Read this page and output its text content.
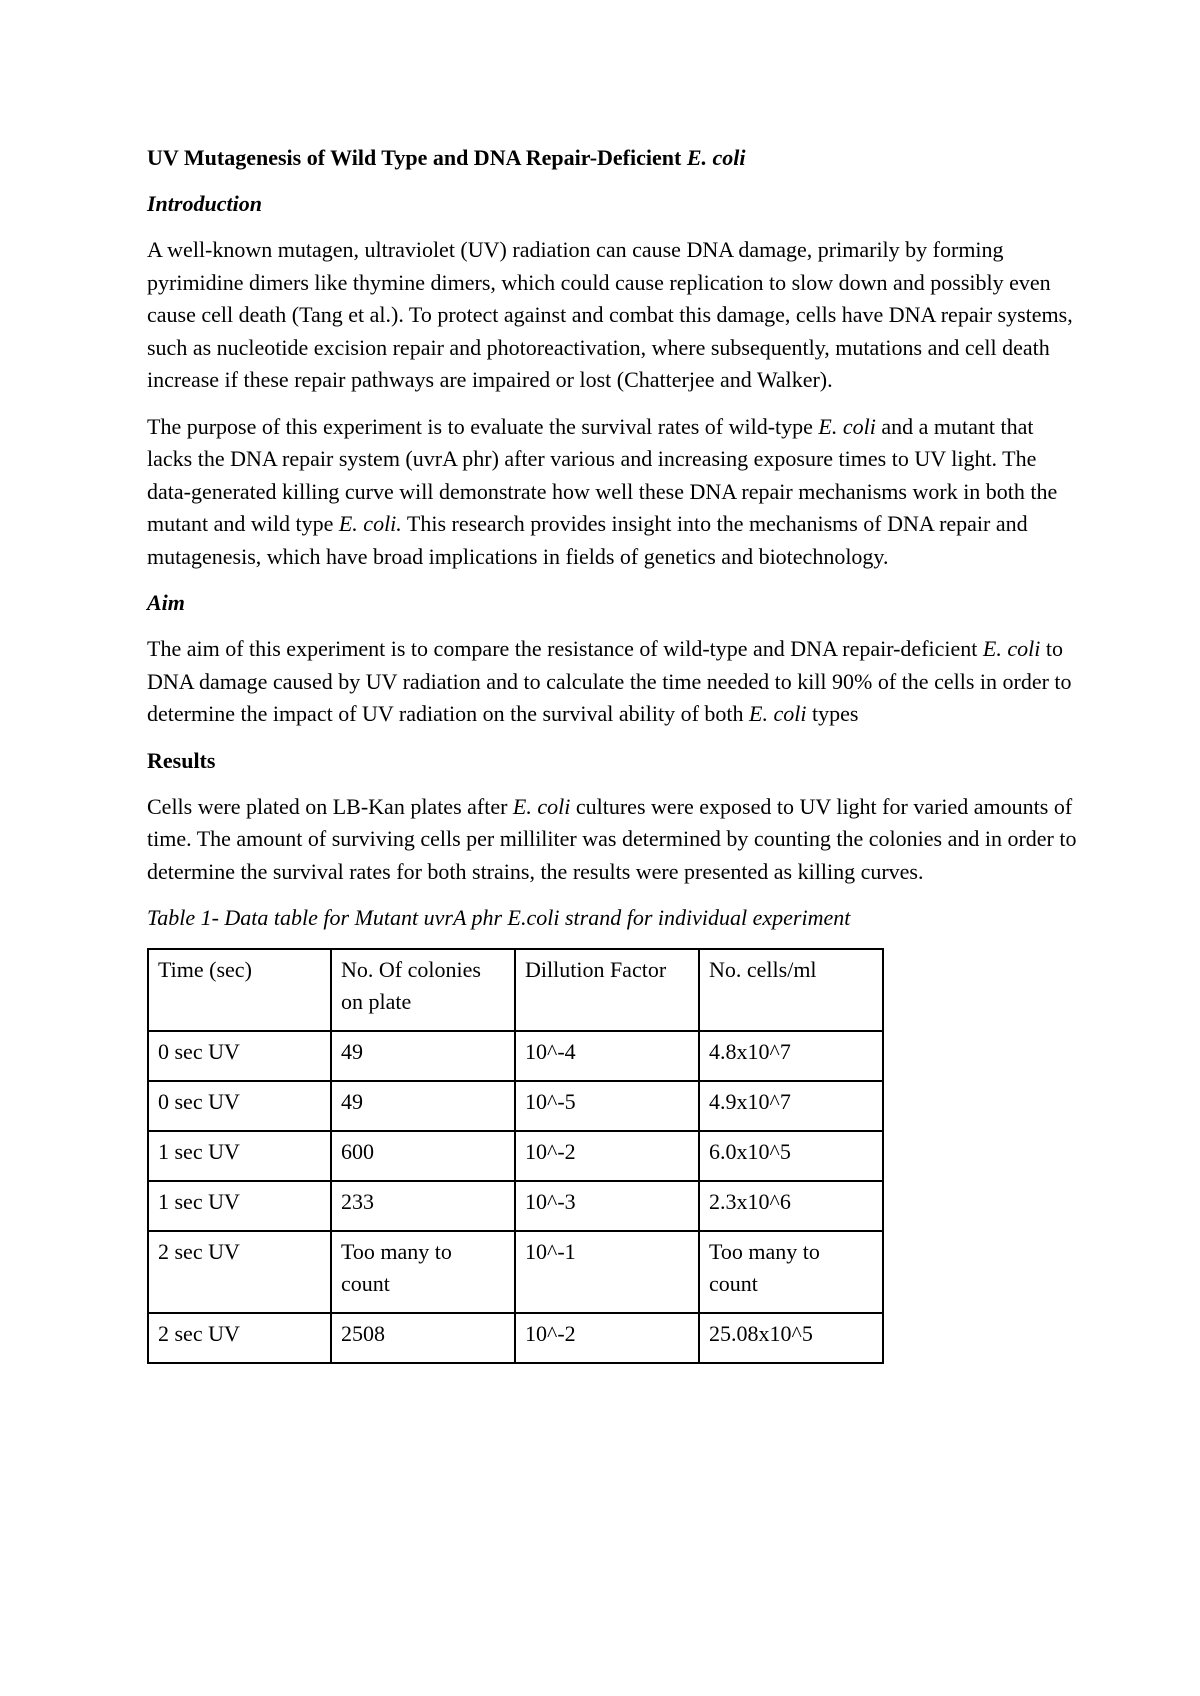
UV Mutagenesis of Wild Type and DNA Repair-Deficient E. coli
Introduction

A well-known mutagen, ultraviolet (UV) radiation can cause DNA damage, primarily by forming pyrimidine dimers like thymine dimers, which could cause replication to slow down and possibly even cause cell death (Tang et al.). To protect against and combat this damage, cells have DNA repair systems, such as nucleotide excision repair and photoreactivation, where subsequently, mutations and cell death increase if these repair pathways are impaired or lost (Chatterjee and Walker).

The purpose of this experiment is to evaluate the survival rates of wild-type E. coli and a mutant that lacks the DNA repair system (uvrA phr) after various and increasing exposure times to UV light. The data-generated killing curve will demonstrate how well these DNA repair mechanisms work in both the mutant and wild type E. coli. This research provides insight into the mechanisms of DNA repair and mutagenesis, which have broad implications in fields of genetics and biotechnology.

Aim

The aim of this experiment is to compare the resistance of wild-type and DNA repair-deficient E. coli to DNA damage caused by UV radiation and to calculate the time needed to kill 90% of the cells in order to determine the impact of UV radiation on the survival ability of both E. coli types

Results

Cells were plated on LB-Kan plates after E. coli cultures were exposed to UV light for varied amounts of time. The amount of surviving cells per milliliter was determined by counting the colonies and in order to determine the survival rates for both strains, the results were presented as killing curves.

Table 1- Data table for Mutant uvrA phr E.coli strand for individual experiment
Time (sec)	No. Of colonies on plate	Dillution Factor	No. cells/ml
0 sec UV	49	10^-4	4.8x10^7
0 sec UV	49	10^-5	4.9x10^7
1 sec UV	600	10^-2	6.0x10^5
1 sec UV	233	10^-3	2.3x10^6
2 sec UV	Too many to count	10^-1	Too many to count
2 sec UV	2508	10^-2	25.08x10^5
